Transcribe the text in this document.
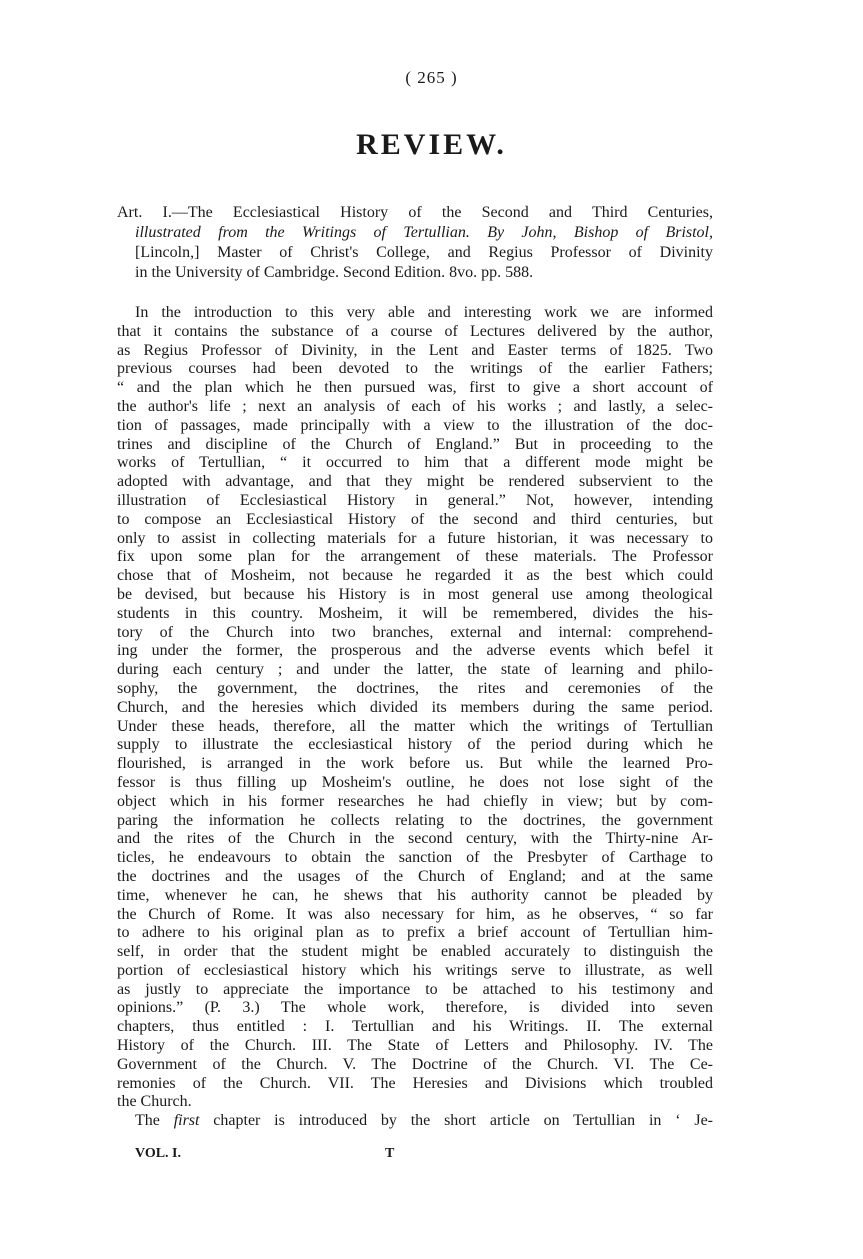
( 265 )
REVIEW.
Art. I.—The Ecclesiastical History of the Second and Third Centuries,
illustrated from the Writings of Tertullian. By John, Bishop of Bristol,
[Lincoln,] Master of Christ's College, and Regius Professor of Divinity
in the University of Cambridge. Second Edition. 8vo. pp. 588.
In the introduction to this very able and interesting work we are informed
that it contains the substance of a course of Lectures delivered by the author,
as Regius Professor of Divinity, in the Lent and Easter terms of 1825. Two
previous courses had been devoted to the writings of the earlier Fathers;
“ and the plan which he then pursued was, first to give a short account of
the author's life ; next an analysis of each of his works ; and lastly, a selec-
tion of passages, made principally with a view to the illustration of the doc-
trines and discipline of the Church of England.” But in proceeding to the
works of Tertullian, “ it occurred to him that a different mode might be
adopted with advantage, and that they might be rendered subservient to the
illustration of Ecclesiastical History in general.” Not, however, intending
to compose an Ecclesiastical History of the second and third centuries, but
only to assist in collecting materials for a future historian, it was necessary to
fix upon some plan for the arrangement of these materials. The Professor
chose that of Mosheim, not because he regarded it as the best which could
be devised, but because his History is in most general use among theological
students in this country. Mosheim, it will be remembered, divides the his-
tory of the Church into two branches, external and internal: comprehend-
ing under the former, the prosperous and the adverse events which befel it
during each century ; and under the latter, the state of learning and philo-
sophy, the government, the doctrines, the rites and ceremonies of the
Church, and the heresies which divided its members during the same period.
Under these heads, therefore, all the matter which the writings of Tertullian
supply to illustrate the ecclesiastical history of the period during which he
flourished, is arranged in the work before us. But while the learned Pro-
fessor is thus filling up Mosheim's outline, he does not lose sight of the
object which in his former researches he had chiefly in view; but by com-
paring the information he collects relating to the doctrines, the government
and the rites of the Church in the second century, with the Thirty-nine Ar-
ticles, he endeavours to obtain the sanction of the Presbyter of Carthage to
the doctrines and the usages of the Church of England; and at the same
time, whenever he can, he shews that his authority cannot be pleaded by
the Church of Rome. It was also necessary for him, as he observes, “ so far
to adhere to his original plan as to prefix a brief account of Tertullian him-
self, in order that the student might be enabled accurately to distinguish the
portion of ecclesiastical history which his writings serve to illustrate, as well
as justly to appreciate the importance to be attached to his testimony and
opinions.” (P. 3.) The whole work, therefore, is divided into seven
chapters, thus entitled : I. Tertullian and his Writings. II. The external
History of the Church. III. The State of Letters and Philosophy. IV. The
Government of the Church. V. The Doctrine of the Church. VI. The Ce-
remonies of the Church. VII. The Heresies and Divisions which troubled
the Church.
The first chapter is introduced by the short article on Tertullian in ‘ Je-
VOL. I.	T
